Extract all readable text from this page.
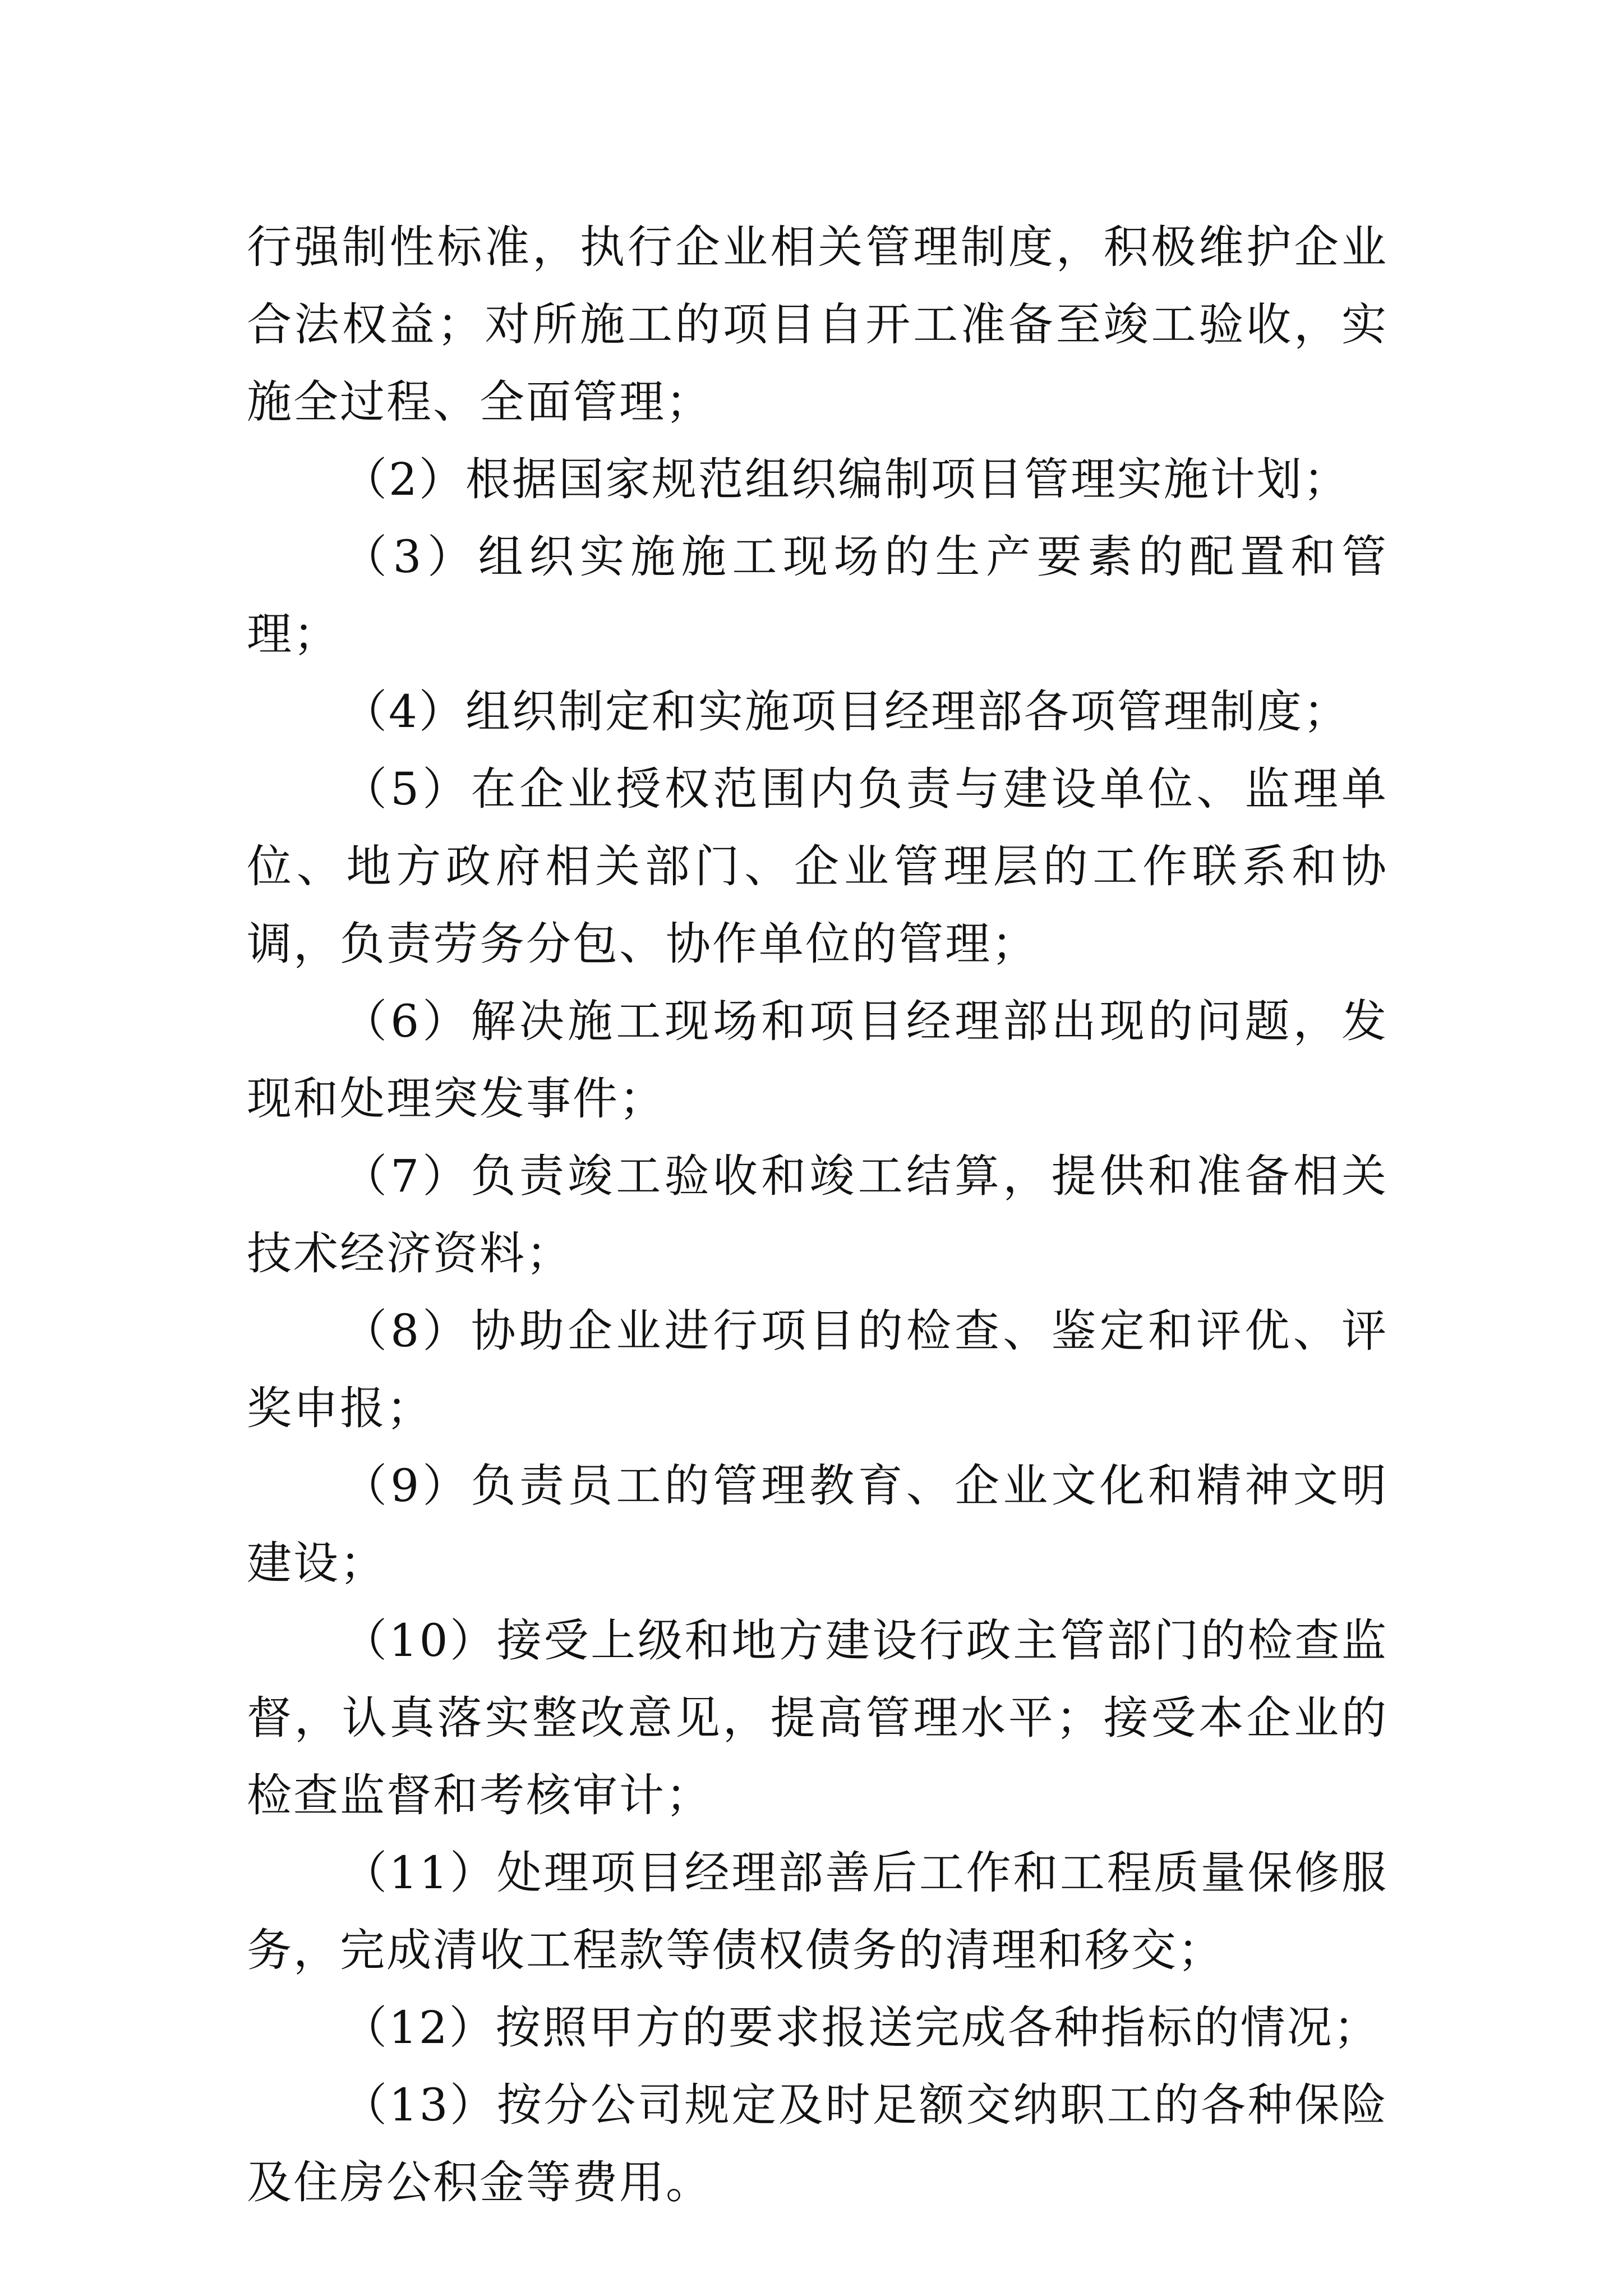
行强制性标准，执行企业相关管理制度，积极维护企业合法权益；对所施工的项目自开工准备至竣工验收，实施全过程、全面管理；

（2）根据国家规范组织编制项目管理实施计划；

（3）组织实施施工现场的生产要素的配置和管理；

（4）组织制定和实施项目经理部各项管理制度；

（5）在企业授权范围内负责与建设单位、监理单位、地方政府相关部门、企业管理层的工作联系和协调，负责劳务分包、协作单位的管理；

（6）解决施工现场和项目经理部出现的问题，发现和处理突发事件；

（7）负责竣工验收和竣工结算，提供和准备相关技术经济资料；

（8）协助企业进行项目的检查、鉴定和评优、评奖申报；

（9）负责员工的管理教育、企业文化和精神文明建设；

（10）接受上级和地方建设行政主管部门的检查监督，认真落实整改意见，提高管理水平；接受本企业的检查监督和考核审计；

（11）处理项目经理部善后工作和工程质量保修服务，完成清收工程款等债权债务的清理和移交；

（12）按照甲方的要求报送完成各种指标的情况；

（13）按分公司规定及时足额交纳职工的各种保险及住房公积金等费用。
